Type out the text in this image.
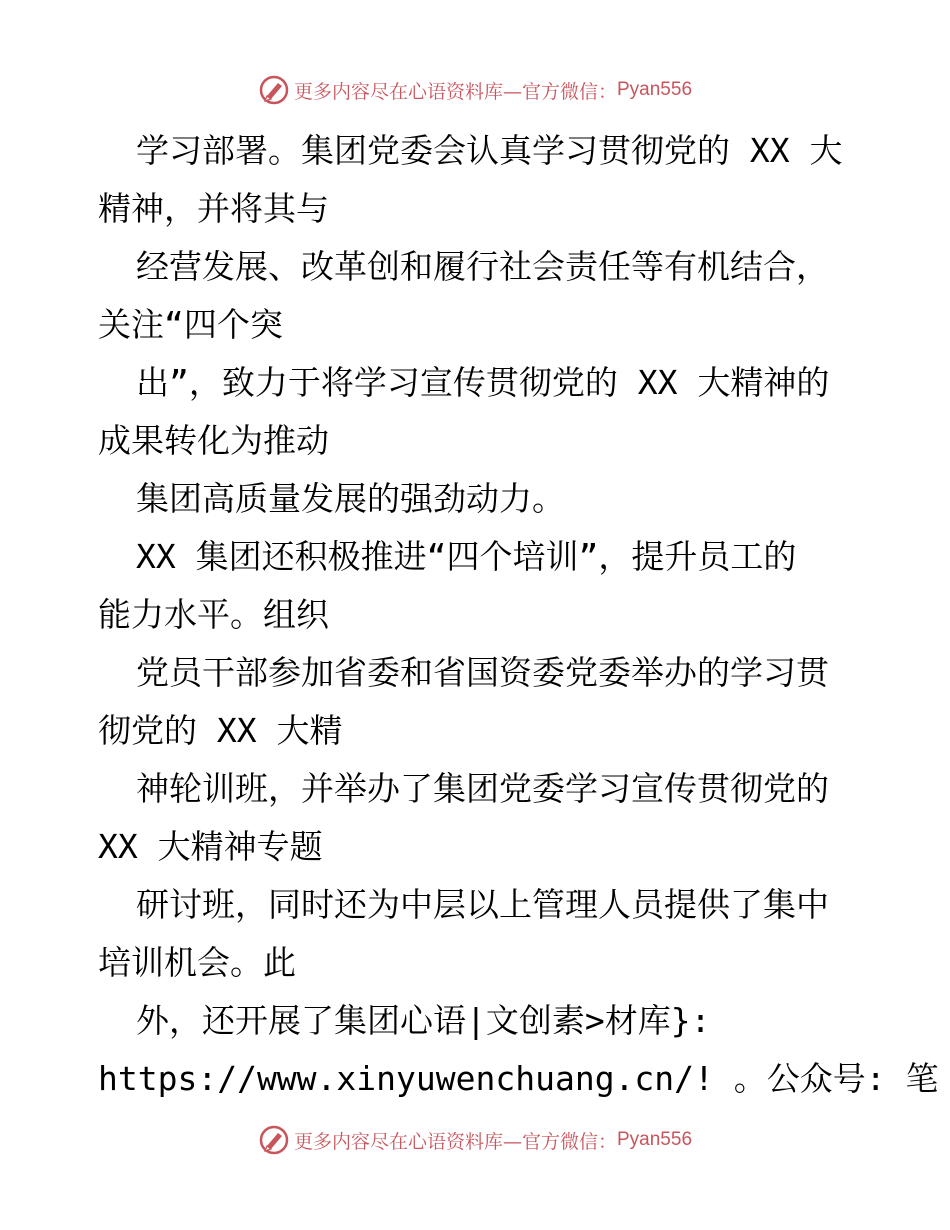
更多内容尽在心语资料库—官方微信： Pyan556
学习部署。集团党委会认真学习贯彻党的 XX 大
精神，并将其与
经营发展、改革创和履行社会责任等有机结合，
关注“四个突
出”，致力于将学习宣传贯彻党的 XX 大精神的
成果转化为推动
集团高质量发展的强劲动力。
XX 集团还积极推进“四个培训”，提升员工的
能力水平。组织
党员干部参加省委和省国资委党委举办的学习贯
彻党的 XX 大精
神轮训班，并举办了集团党委学习宣传贯彻党的
XX 大精神专题
研讨班，同时还为中层以上管理人员提供了集中
培训机会。此
外，还开展了集团心语|文创素>材库}:
https://www.xinyuwenchuang.cn/! 。公众号: 笔
更多内容尽在心语资料库—官方微信： Pyan556
